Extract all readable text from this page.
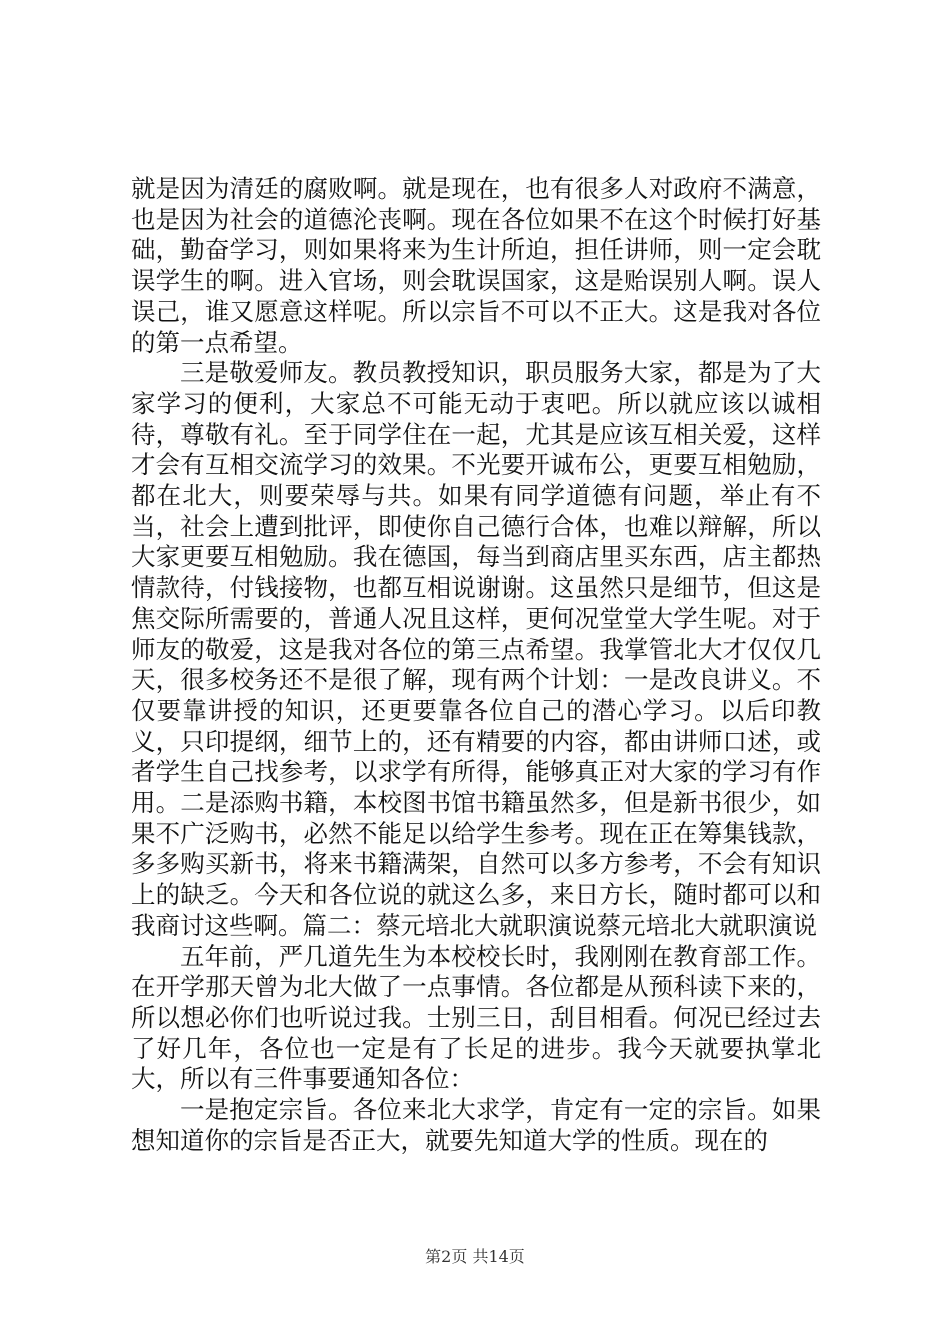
就是因为清廷的腐败啊。就是现在，也有很多人对政府不满意，也是因为社会的道德沦丧啊。现在各位如果不在这个时候打好基础，勤奋学习，则如果将来为生计所迫，担任讲师，则一定会耽误学生的啊。进入官场，则会耽误国家，这是贻误别人啊。误人误己，谁又愿意这样呢。所以宗旨不可以不正大。这是我对各位的第一点希望。

三是敬爱师友。教员教授知识，职员服务大家，都是为了大家学习的便利，大家总不可能无动于衷吧。所以就应该以诚相待，尊敬有礼。至于同学住在一起，尤其是应该互相关爱，这样才会有互相交流学习的效果。不光要开诚布公，更要互相勉励，都在北大，则要荣辱与共。如果有同学道德有问题，举止有不当，社会上遭到批评，即使你自己德行合体，也难以辩解，所以大家更要互相勉励。我在德国，每当到商店里买东西，店主都热情款待，付钱接物，也都互相说谢谢。这虽然只是细节，但这是焦交际所需要的，普通人况且这样，更何况堂堂大学生呢。对于师友的敬爱，这是我对各位的第三点希望。我掌管北大才仅仅几天，很多校务还不是很了解，现有两个计划：一是改良讲义。不仅要靠讲授的知识，还更要靠各位自己的潜心学习。以后印教义，只印提纲，细节上的，还有精要的内容，都由讲师口述，或者学生自己找参考，以求学有所得，能够真正对大家的学习有作用。二是添购书籍，本校图书馆书籍虽然多，但是新书很少，如果不广泛购书，必然不能足以给学生参考。现在正在筹集钱款，多多购买新书，将来书籍满架，自然可以多方参考，不会有知识上的缺乏。今天和各位说的就这么多，来日方长，随时都可以和我商讨这些啊。篇二：蔡元培北大就职演说蔡元培北大就职演说

五年前，严几道先生为本校校长时，我刚刚在教育部工作。在开学那天曾为北大做了一点事情。各位都是从预科读下来的，所以想必你们也听说过我。士别三日，刮目相看。何况已经过去了好几年，各位也一定是有了长足的进步。我今天就要执掌北大，所以有三件事要通知各位：

一是抱定宗旨。各位来北大求学，肯定有一定的宗旨。如果想知道你的宗旨是否正大，就要先知道大学的性质。现在的

第2页 共14页
